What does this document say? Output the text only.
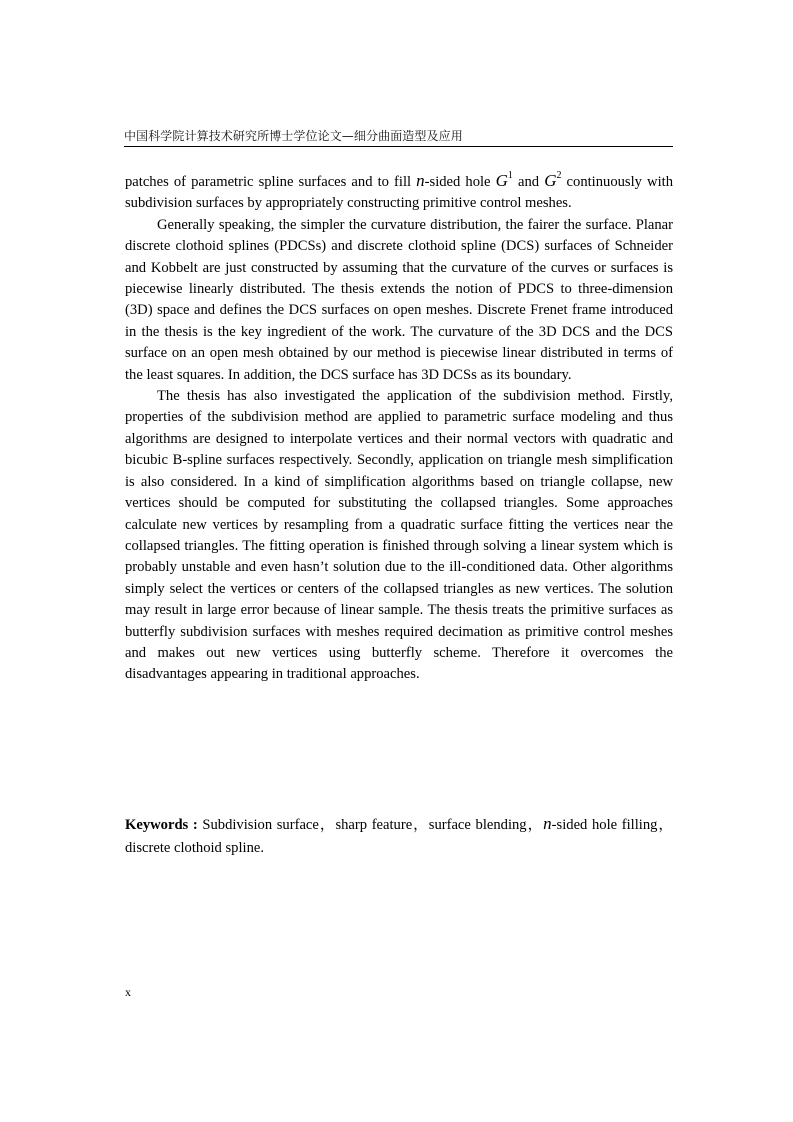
中国科学院计算技术研究所博士学位论文—细分曲面造型及应用

patches of parametric spline surfaces and to fill n-sided hole $G^1$ and $G^2$ continuously with subdivision surfaces by appropriately constructing primitive control meshes.

Generally speaking, the simpler the curvature distribution, the fairer the surface. Planar discrete clothoid splines (PDCSs) and discrete clothoid spline (DCS) surfaces of Schneider and Kobbelt are just constructed by assuming that the curvature of the curves or surfaces is piecewise linearly distributed. The thesis extends the notion of PDCS to three-dimension (3D) space and defines the DCS surfaces on open meshes. Discrete Frenet frame introduced in the thesis is the key ingredient of the work. The curvature of the 3D DCS and the DCS surface on an open mesh obtained by our method is piecewise linear distributed in terms of the least squares. In addition, the DCS surface has 3D DCSs as its boundary.

The thesis has also investigated the application of the subdivision method. Firstly, properties of the subdivision method are applied to parametric surface modeling and thus algorithms are designed to interpolate vertices and their normal vectors with quadratic and bicubic B-spline surfaces respectively. Secondly, application on triangle mesh simplification is also considered. In a kind of simplification algorithms based on triangle collapse, new vertices should be computed for substituting the collapsed triangles. Some approaches calculate new vertices by resampling from a quadratic surface fitting the vertices near the collapsed triangles. The fitting operation is finished through solving a linear system which is probably unstable and even hasn’t solution due to the ill-conditioned data. Other algorithms simply select the vertices or centers of the collapsed triangles as new vertices. The solution may result in large error because of linear sample. The thesis treats the primitive surfaces as butterfly subdivision surfaces with meshes required decimation as primitive control meshes and makes out new vertices using butterfly scheme. Therefore it overcomes the disadvantages appearing in traditional approaches.

Keywords : Subdivision surface，sharp feature，surface blending，n-sided hole filling，discrete clothoid spline.
x
